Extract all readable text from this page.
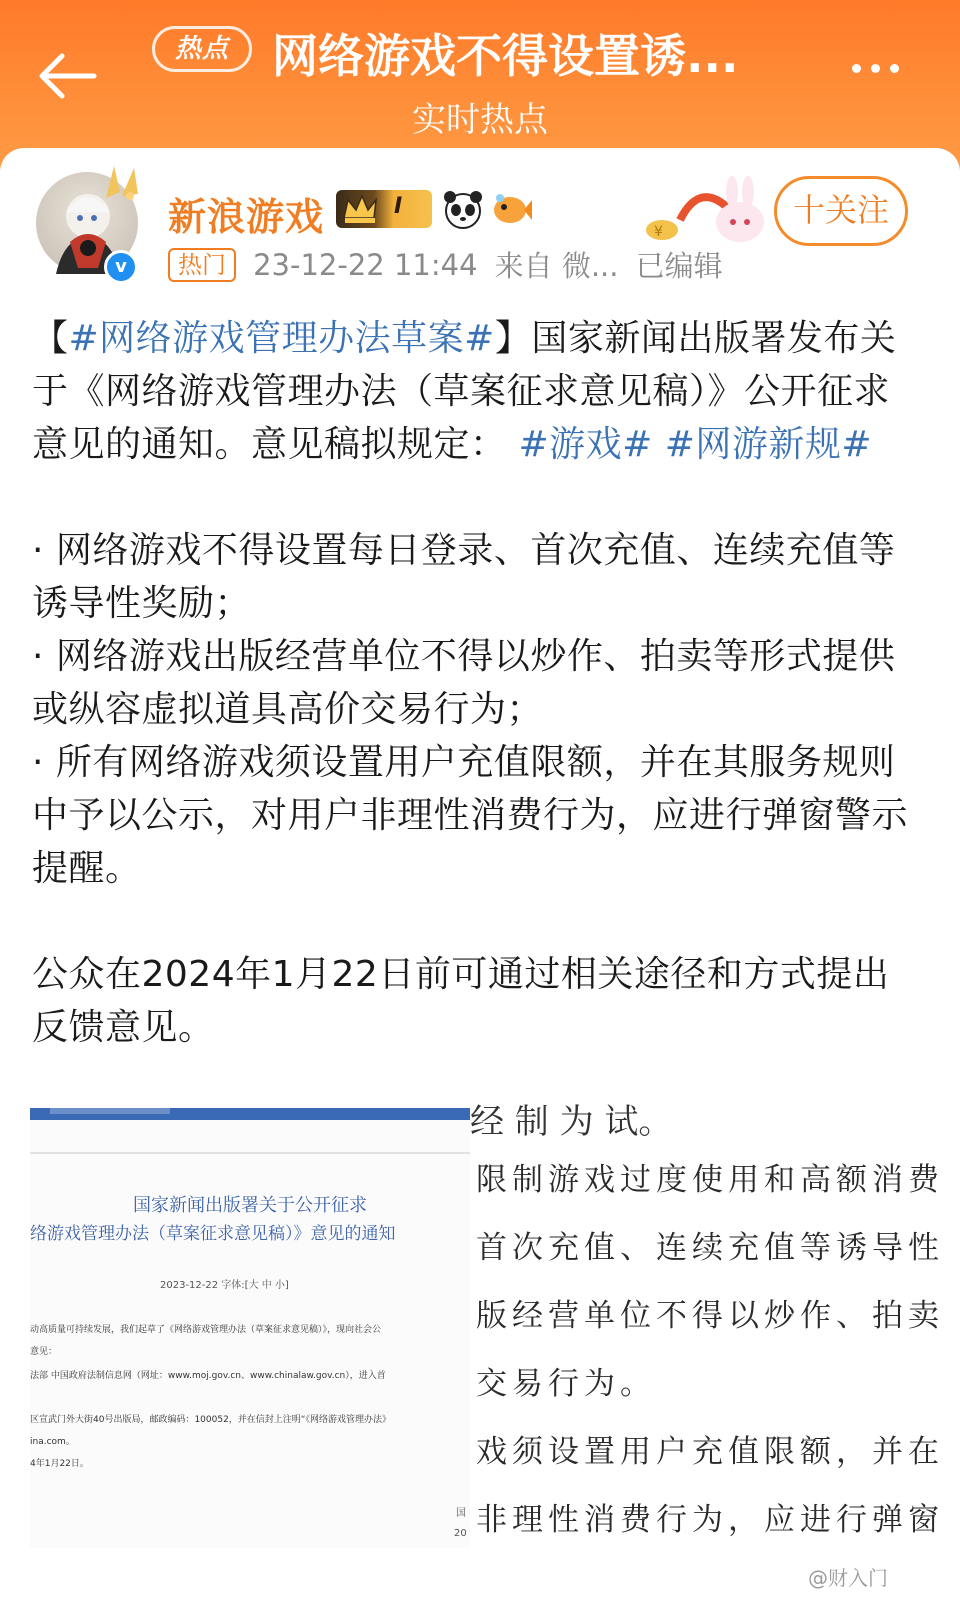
热点 网络游戏不得设置诱...
实时热点
v
新浪游戏	I
¥
十关注
热门 23-12-22 11:44 来自 微... 已编辑

【#网络游戏管理办法草案#】国家新闻出版署发布关于《网络游戏管理办法（草案征求意见稿）》公开征求意见的通知。意见稿拟规定： #游戏# #网游新规#

· 网络游戏不得设置每日登录、首次充值、连续充值等诱导性奖励；

· 网络游戏出版经营单位不得以炒作、拍卖等形式提供或纵容虚拟道具高价交易行为；

· 所有网络游戏须设置用户充值限额，并在其服务规则中予以公示，对用户非理性消费行为，应进行弹窗警示提醒。

公众在2024年1月22日前可通过相关途径和方式提出反馈意见。

国家新闻出版署关于公开征求
络游戏管理办法（草案征求意见稿）》意见的通知
2023-12-22 字体:[大 中 小]
动高质量可持续发展，我们起草了《网络游戏管理办法（草案征求意见稿）》，现向社会公
意见：
法部 中国政府法制信息网（网址：www.moj.gov.cn、www.chinalaw.gov.cn），进入首
区宣武门外大街40号出版局，邮政编码：100052，并在信封上注明“《网络游戏管理办法》
ina.com。
4年1月22日。
经 制 为 试。
限制游戏过度使用和高额消费
首次充值、连续充值等诱导性
版经营单位不得以炒作、拍卖
交易行为。
戏须设置用户充值限额，并在
非理性消费行为，应进行弹窗
国
20
@财入门
